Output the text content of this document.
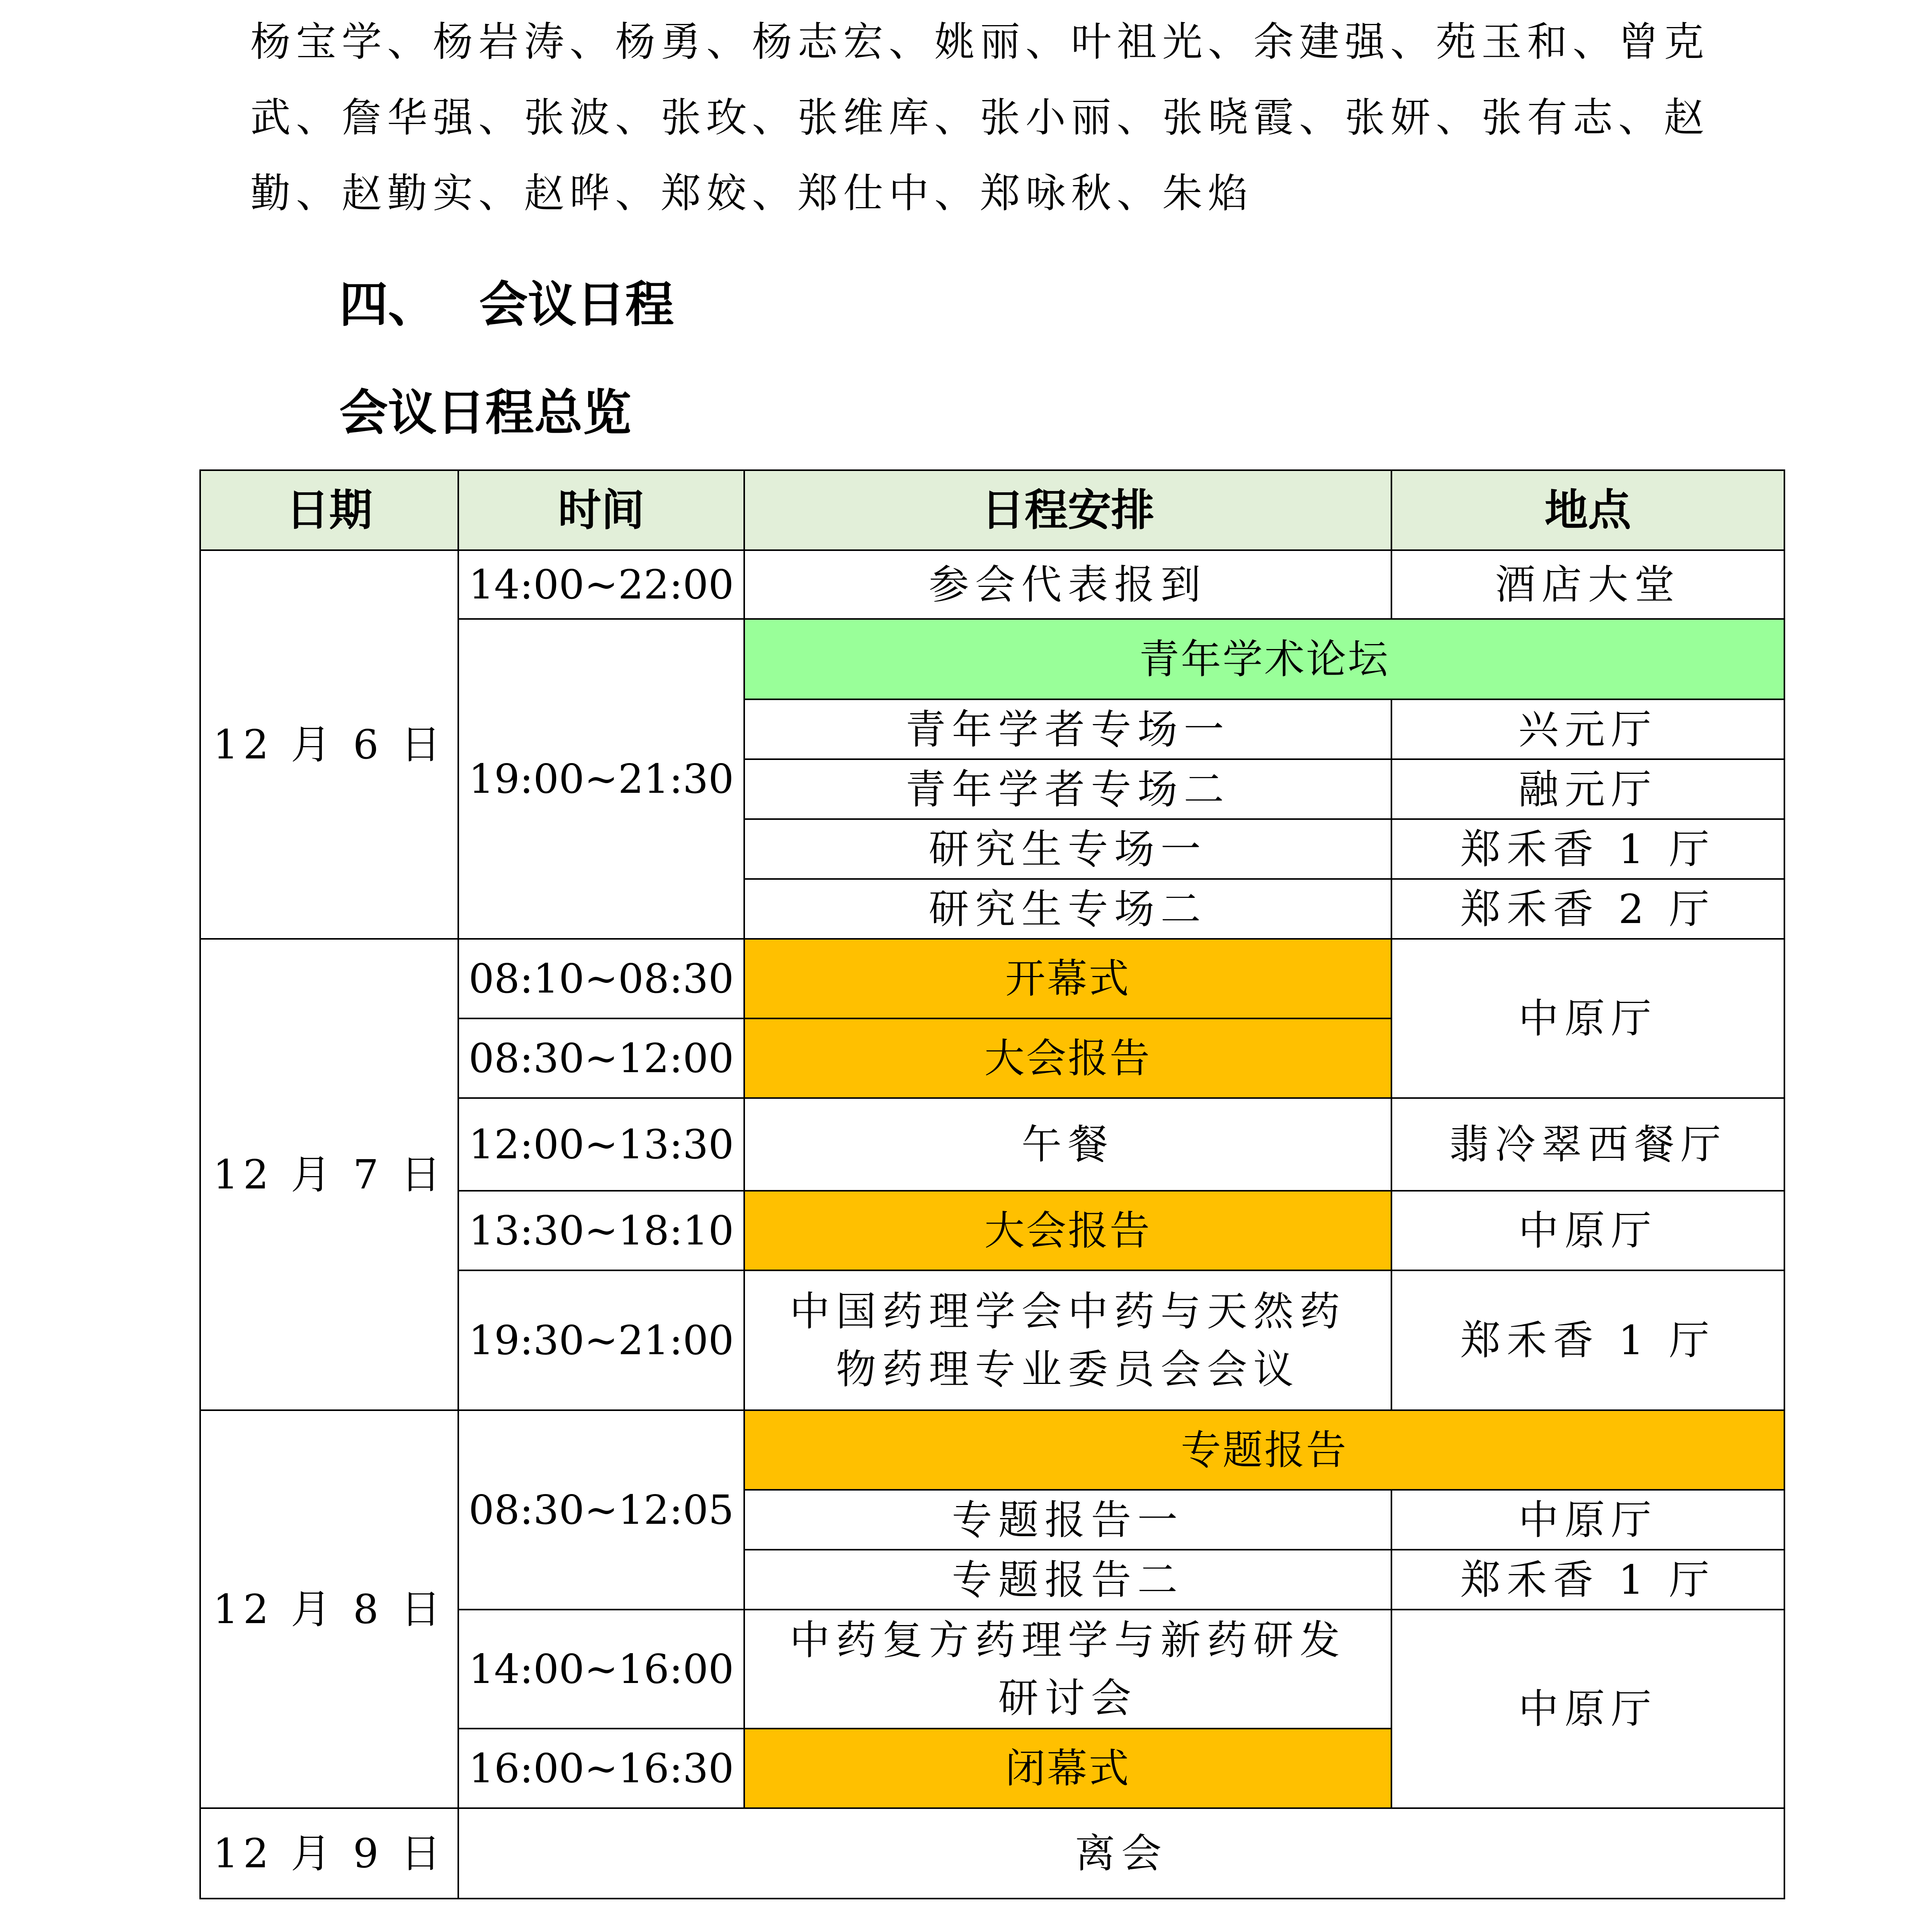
杨宝学、杨岩涛、杨勇、杨志宏、姚丽、叶祖光、余建强、苑玉和、曾克武、詹华强、张波、张玫、张维库、张小丽、张晓霞、张妍、张有志、赵勤、赵勤实、赵晔、郑姣、郑仕中、郑咏秋、朱焰

四、 会议日程
会议日程总览
日期	时间	日程安排	地点
12 月 6 日	14:00~22:00	参会代表报到	酒店大堂
	19:00~21:30	青年学术论坛	
		青年学者专场一	兴元厅
		青年学者专场二	融元厅
		研究生专场一	郑禾香 1 厅
		研究生专场二	郑禾香 2 厅
12 月 7 日	08:10~08:30	开幕式	中原厅
	08:30~12:00	大会报告	
	12:00~13:30	午餐	翡冷翠西餐厅
	13:30~18:10	大会报告	中原厅
	19:30~21:00	中国药理学会中药与天然药
物药理专业委员会会议	郑禾香 1 厅
12 月 8 日	08:30~12:05	专题报告	
		专题报告一	中原厅
		专题报告二	郑禾香 1 厅
	14:00~16:00	中药复方药理学与新药研发
研讨会	中原厅
	16:00~16:30	闭幕式	
12 月 9 日	离会		
